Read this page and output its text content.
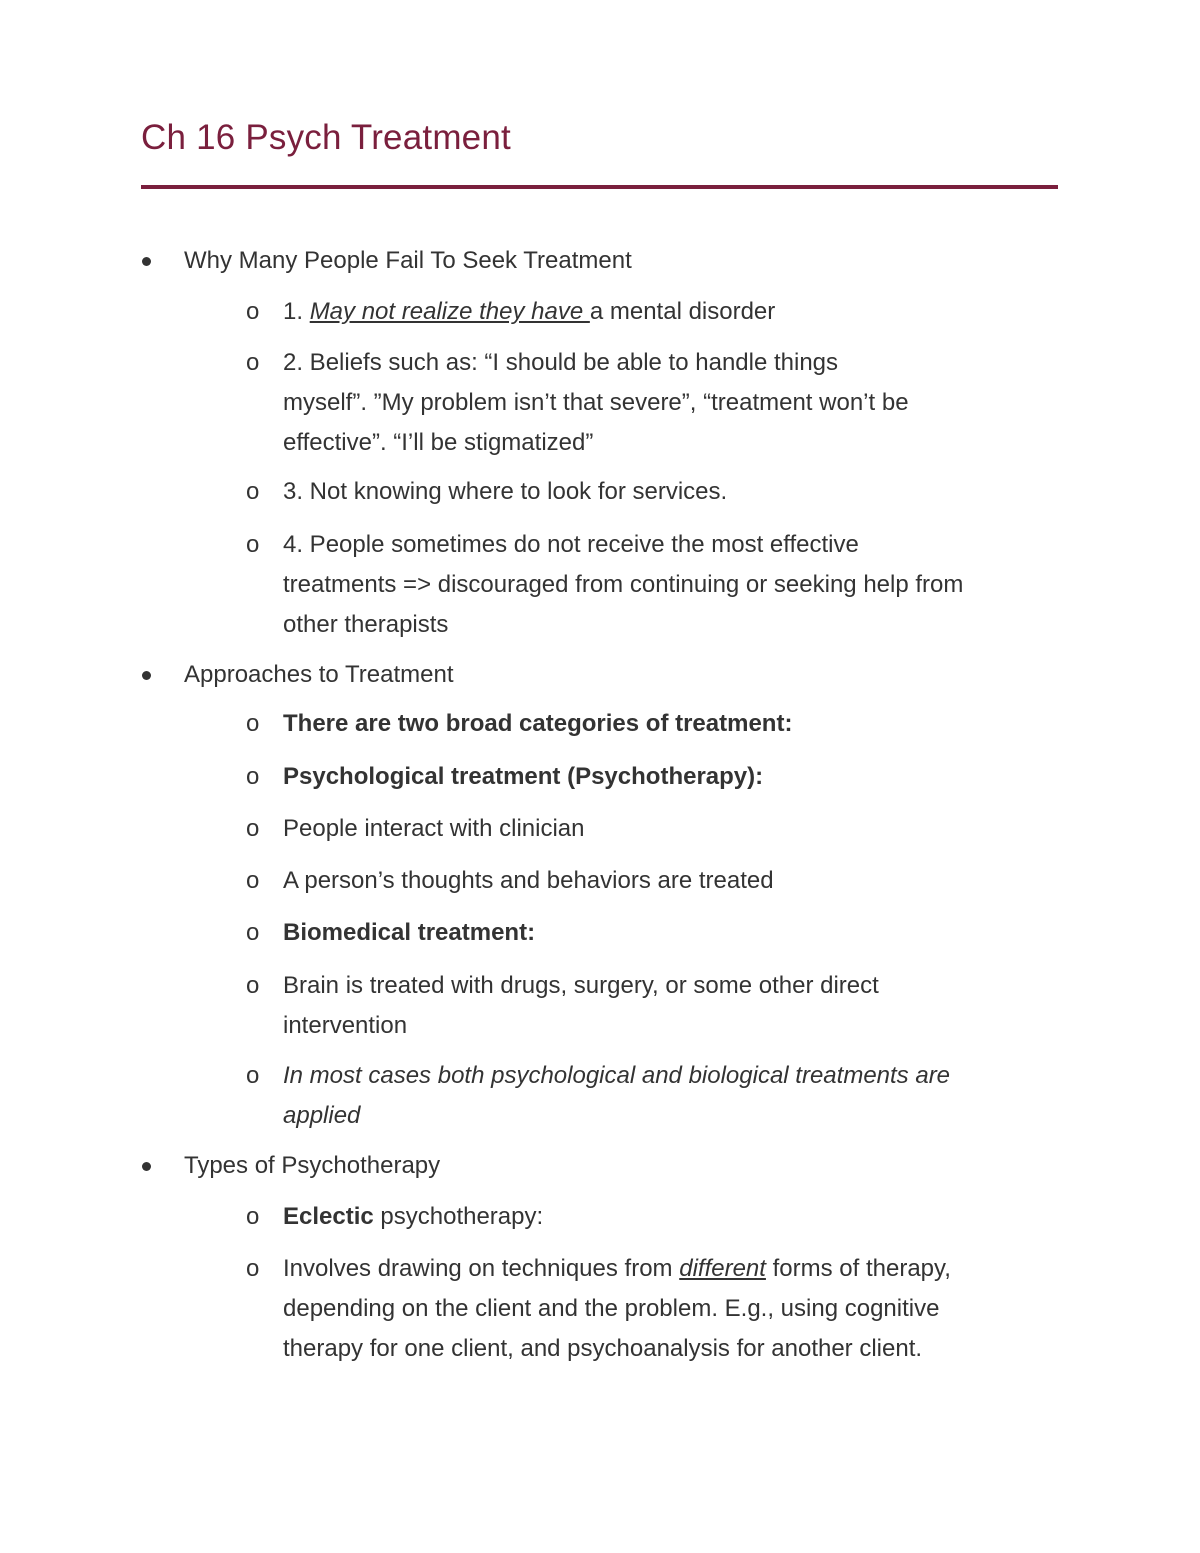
Ch 16 Psych Treatment
Why Many People Fail To Seek Treatment
o 1. May not realize they have a mental disorder
o 2. Beliefs such as: “I should be able to handle things
myself”. ”My problem isn’t that severe”, “treatment won’t be
effective”. “I’ll be stigmatized”
o 3. Not knowing where to look for services.
o 4. People sometimes do not receive the most effective
treatments => discouraged from continuing or seeking help from
other therapists
Approaches to Treatment
o There are two broad categories of treatment:
o Psychological treatment (Psychotherapy):
o People interact with clinician
o A person’s thoughts and behaviors are treated
o Biomedical treatment:
o Brain is treated with drugs, surgery, or some other direct
intervention
o In most cases both psychological and biological treatments are
applied
Types of Psychotherapy
o Eclectic psychotherapy:
o Involves drawing on techniques from different forms of therapy,
depending on the client and the problem. E.g., using cognitive
therapy for one client, and psychoanalysis for another client.
